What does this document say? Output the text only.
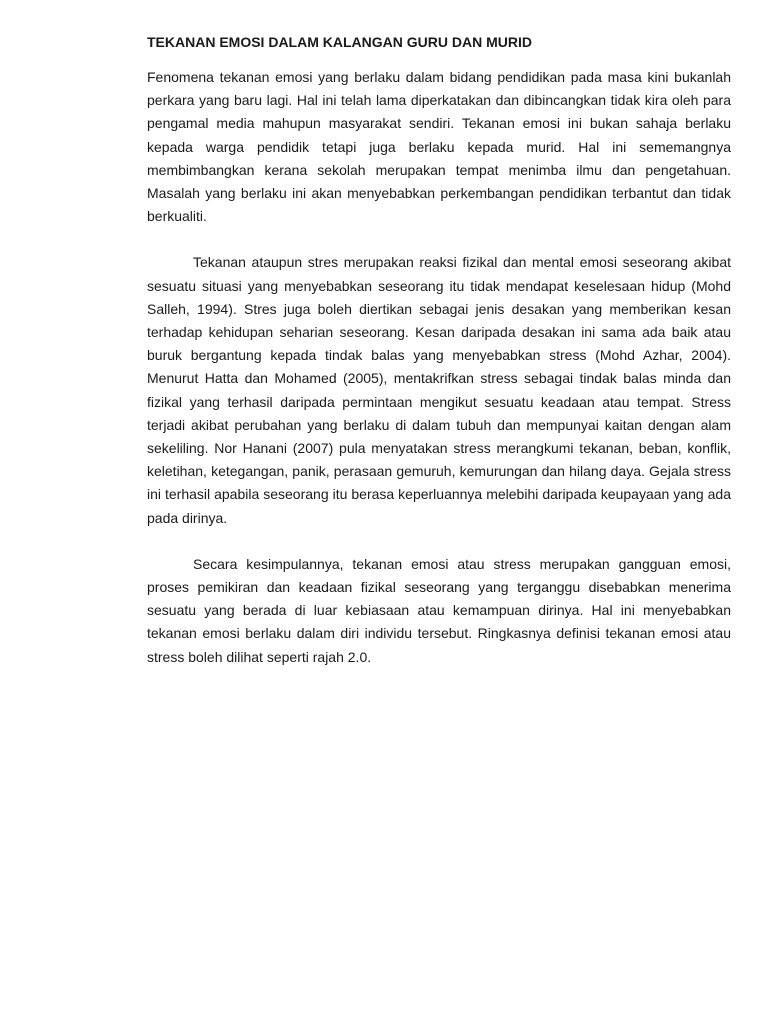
TEKANAN EMOSI DALAM KALANGAN GURU DAN MURID

Fenomena tekanan emosi yang berlaku dalam bidang pendidikan pada masa kini bukanlah perkara yang baru lagi. Hal ini telah lama diperkatakan dan dibincangkan tidak kira oleh para pengamal media mahupun masyarakat sendiri. Tekanan emosi ini bukan sahaja berlaku kepada warga pendidik tetapi juga berlaku kepada murid. Hal ini sememangnya membimbangkan kerana sekolah merupakan tempat menimba ilmu dan pengetahuan. Masalah yang berlaku ini akan menyebabkan perkembangan pendidikan terbantut dan tidak berkualiti.

Tekanan ataupun stres merupakan reaksi fizikal dan mental emosi seseorang akibat sesuatu situasi yang menyebabkan seseorang itu tidak mendapat keselesaan hidup (Mohd Salleh, 1994). Stres juga boleh diertikan sebagai jenis desakan yang memberikan kesan terhadap kehidupan seharian seseorang. Kesan daripada desakan ini sama ada baik atau buruk bergantung kepada tindak balas yang menyebabkan stress (Mohd Azhar, 2004). Menurut Hatta dan Mohamed (2005), mentakrifkan stress sebagai tindak balas minda dan fizikal yang terhasil daripada permintaan mengikut sesuatu keadaan atau tempat. Stress terjadi akibat perubahan yang berlaku di dalam tubuh dan mempunyai kaitan dengan alam sekeliling. Nor Hanani (2007) pula menyatakan stress merangkumi tekanan, beban, konflik, keletihan, ketegangan, panik, perasaan gemuruh, kemurungan dan hilang daya. Gejala stress ini terhasil apabila seseorang itu berasa keperluannya melebihi daripada keupayaan yang ada pada dirinya.

Secara kesimpulannya, tekanan emosi atau stress merupakan gangguan emosi, proses pemikiran dan keadaan fizikal seseorang yang terganggu disebabkan menerima sesuatu yang berada di luar kebiasaan atau kemampuan dirinya. Hal ini menyebabkan tekanan emosi berlaku dalam diri individu tersebut. Ringkasnya definisi tekanan emosi atau stress boleh dilihat seperti rajah 2.0.
